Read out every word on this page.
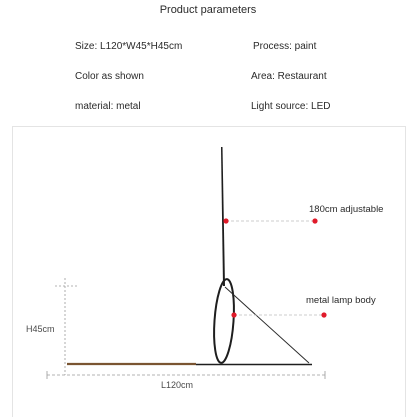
Product parameters
Size: L120*W45*H45cm	Process: paint
Color as shown	Area: Restaurant
material: metal	Light source: LED
180cm adjustable
metal lamp body
H45cm
L120cm
